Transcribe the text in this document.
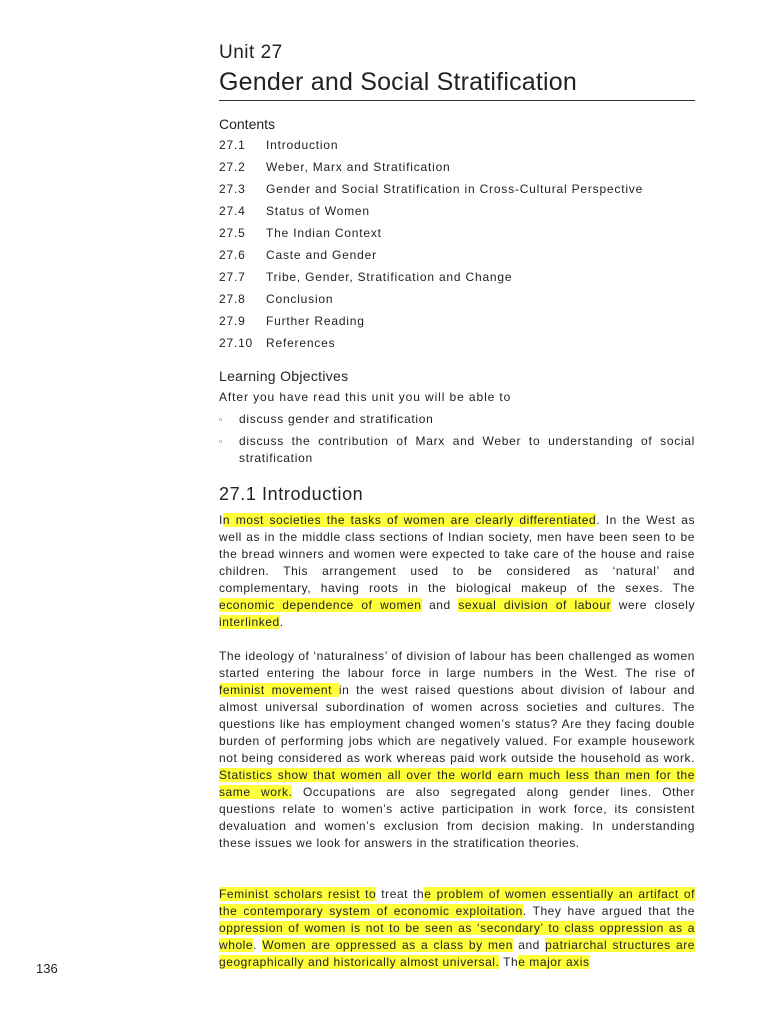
Unit 27
Gender and Social Stratification
Contents
27.1	Introduction
27.2	Weber, Marx and Stratification
27.3	Gender and Social Stratification in Cross-Cultural Perspective
27.4	Status of Women
27.5	The Indian Context
27.6	Caste and Gender
27.7	Tribe, Gender, Stratification and Change
27.8	Conclusion
27.9	Further Reading
27.10	References
Learning Objectives
After you have read this unit you will be able to
▫	discuss gender and stratification
▫	discuss the contribution of Marx and Weber to understanding of social stratification
27.1 Introduction

In most societies the tasks of women are clearly differentiated. In the West as well as in the middle class sections of Indian society, men have been seen to be the bread winners and women were expected to take care of the house and raise children. This arrangement used to be considered as ‘natural’ and complementary, having roots in the biological makeup of the sexes. The economic dependence of women and sexual division of labour were closely interlinked.

The ideology of ‘naturalness’ of division of labour has been challenged as women started entering the labour force in large numbers in the West. The rise of feminist movement in the west raised questions about division of labour and almost universal subordination of women across societies and cultures. The questions like has employment changed women’s status? Are they facing double burden of performing jobs which are negatively valued. For example housework not being considered as work whereas paid work outside the household as work. Statistics show that women all over the world earn much less than men for the same work. Occupations are also segregated along gender lines. Other questions relate to women’s active participation in work force, its consistent devaluation and women’s exclusion from decision making. In understanding these issues we look for answers in the stratification theories.

Feminist scholars resist to treat the problem of women essentially an artifact of the contemporary system of economic exploitation. They have argued that the oppression of women is not to be seen as ‘secondary’ to class oppression as a whole. Women are oppressed as a class by men and patriarchal structures are geographically and historically almost universal. The major axis

136
